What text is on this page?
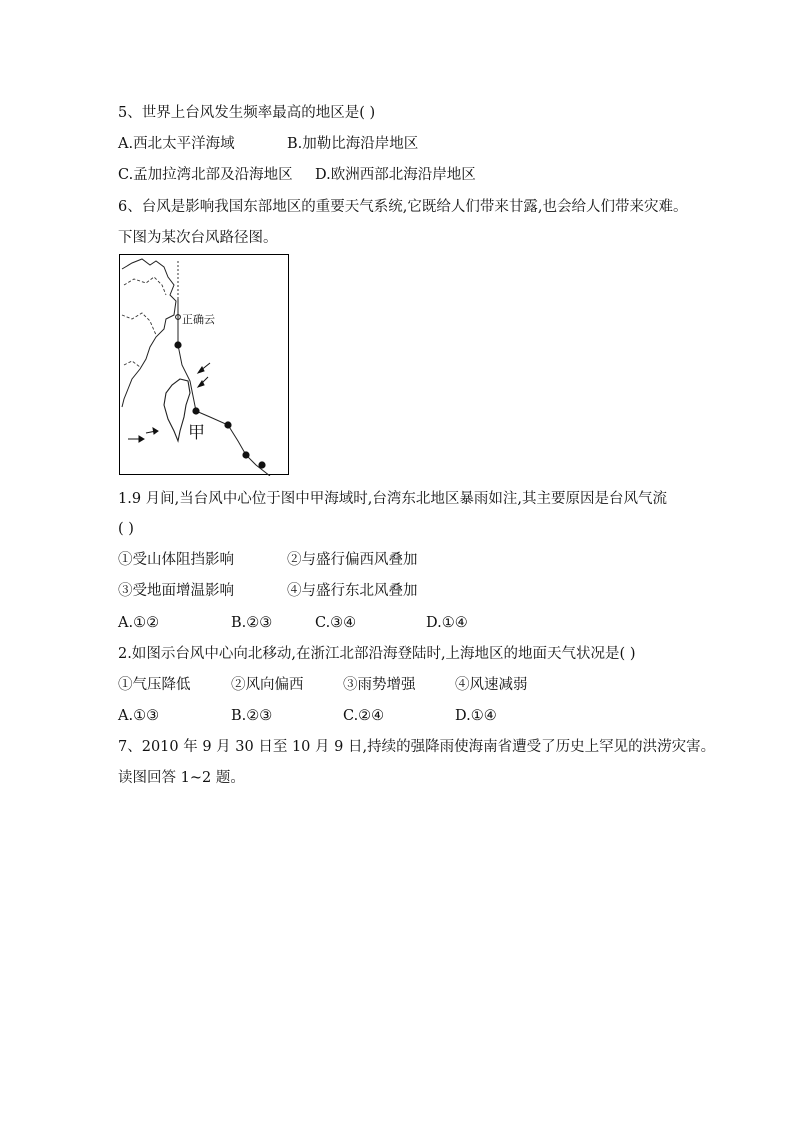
5、世界上台风发生频率最高的地区是( )
A.西北太平洋海域	B.加勒比海沿岸地区
C.孟加拉湾北部及沿海地区 D.欧洲西部北海沿岸地区
6、台风是影响我国东部地区的重要天气系统,它既给人们带来甘露,也会给人们带来灾难。
下图为某次台风路径图。
正确云
甲
1.9 月间,当台风中心位于图中甲海域时,台湾东北地区暴雨如注,其主要原因是台风气流
( )
①受山体阻挡影响	②与盛行偏西风叠加
③受地面增温影响	④与盛行东北风叠加
A.①②	B.②③	C.③④	D.①④
2.如图示台风中心向北移动,在浙江北部沿海登陆时,上海地区的地面天气状况是( )
①气压降低	②风向偏西	③雨势增强	④风速减弱
A.①③	B.②③	C.②④	D.①④
7、2010 年 9 月 30 日至 10 月 9 日,持续的强降雨使海南省遭受了历史上罕见的洪涝灾害。
读图回答 1~2 题。
